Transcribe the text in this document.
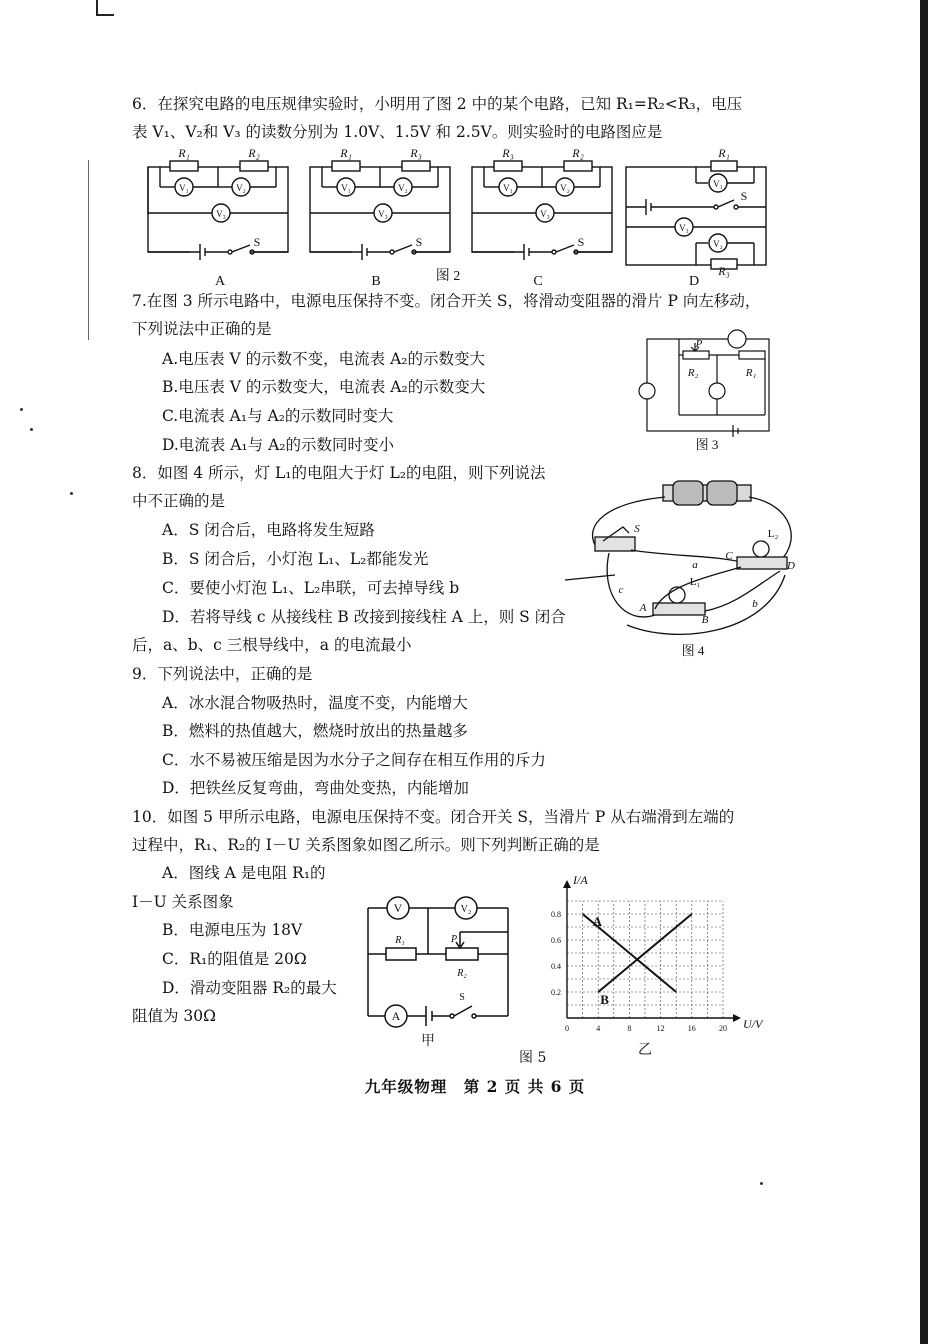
6．在探究电路的电压规律实验时，小明用了图 2 中的某个电路，已知 R₁=R₂<R₃，电压
表 V₁、V₂和 V₃ 的读数分别为 1.0V、1.5V 和 2.5V。则实验时的电路图应是
R₁	R₂
V₁	V₂
V₃
S
A
R₁	R₃
V₁	V₂
V₃
S
B	图 2
R₃	R₂
V₁	V₂
V₃
S
C
R₁
V₁
S
V₃
V₂
R₃
D
7.在图 3 所示电路中，电源电压保持不变。闭合开关 S，将滑动变阻器的滑片 P 向左移动，
下列说法中正确的是
A.电压表 V 的示数不变，电流表 A₂的示数变大
B.电压表 V 的示数变大，电流表 A₂的示数变大
C.电流表 A₁与 A₂的示数同时变大
D.电流表 A₁与 A₂的示数同时变小
P
R₂	R₁
图 3
8．如图 4 所示，灯 L₁的电阻大于灯 L₂的电阻，则下列说法
中不正确的是
A．S 闭合后，电路将发生短路
B．S 闭合后，小灯泡 L₁、L₂都能发光
C．要使小灯泡 L₁、L₂串联，可去掉导线 b
D．若将导线 c 从接线柱 B 改接到接线柱 A 上，则 S 闭合
后，a、b、c 三根导线中，a 的电流最小
S
a
c
b
A
B
C
D
L₁
L₂
图 4
9．下列说法中，正确的是
A．冰水混合物吸热时，温度不变，内能增大
B．燃料的热值越大，燃烧时放出的热量越多
C．水不易被压缩是因为水分子之间存在相互作用的斥力
D．把铁丝反复弯曲，弯曲处变热，内能增加
10．如图 5 甲所示电路，电源电压保持不变。闭合开关 S，当滑片 P 从右端滑到左端的
过程中，R₁、R₂的 I－U 关系图象如图乙所示。则下列判断正确的是
A．图线 A 是电阻 R₁的
I－U 关系图象
B．电源电压为 18V
C．R₁的阻值是 20Ω
D．滑动变阻器 R₂的最大
阻值为 30Ω
V	V₂
R₁	P
R₂
A
S
甲
0	4	8	12	16	20
0.2
0.4
0.6
0.8
I/A
U/V
A
B
乙
图 5
九年级物理　第 2 页 共 6 页
